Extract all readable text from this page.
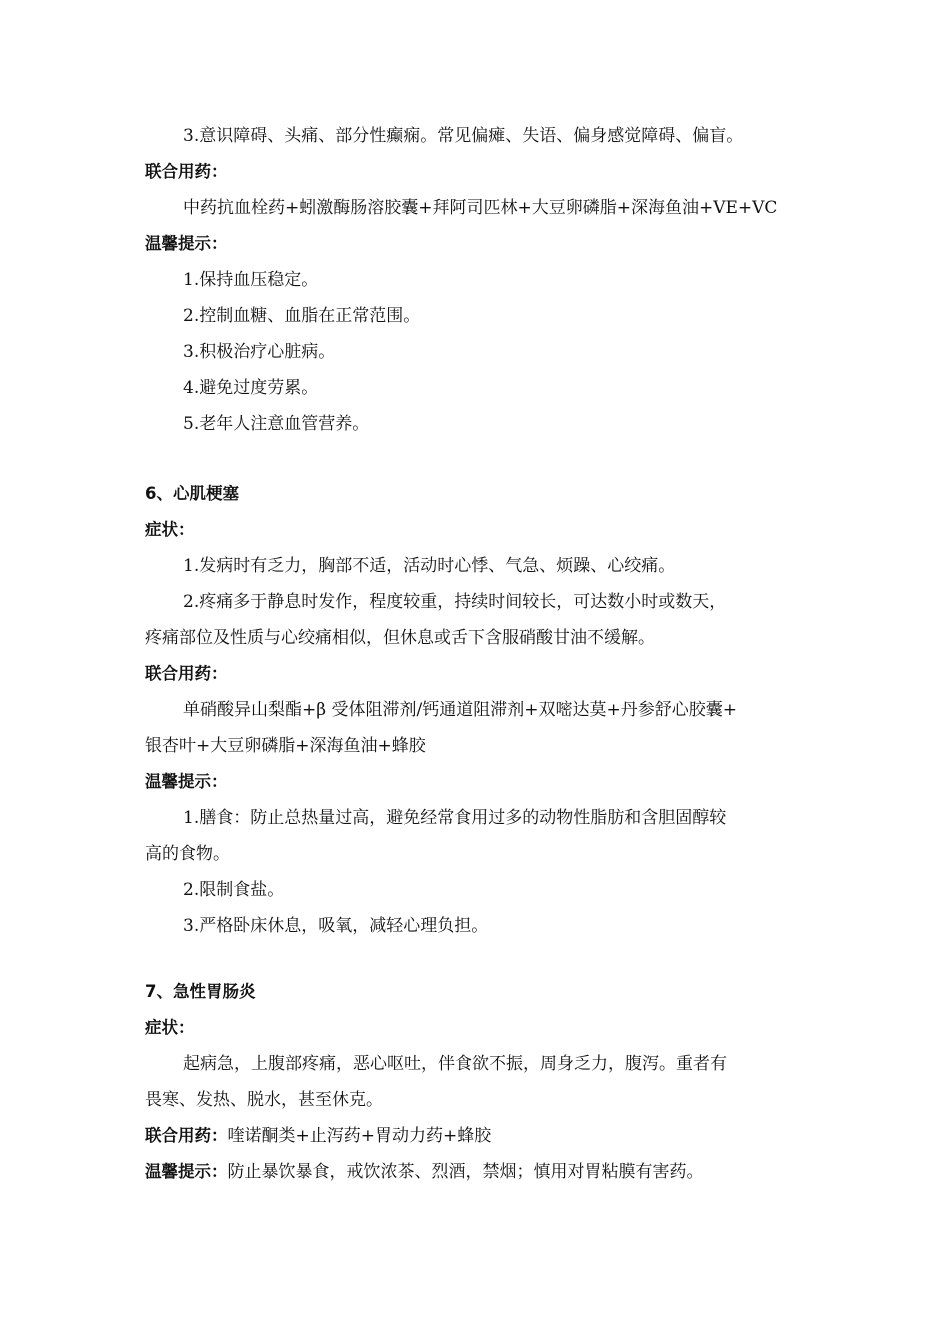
3.意识障碍、头痛、部分性癫痫。常见偏瘫、失语、偏身感觉障碍、偏盲。
联合用药：
中药抗血栓药+蚓激酶肠溶胶囊+拜阿司匹林+大豆卵磷脂+深海鱼油+VE+VC
温馨提示：
1.保持血压稳定。
2.控制血糖、血脂在正常范围。
3.积极治疗心脏病。
4.避免过度劳累。
5.老年人注意血管营养。
6、心肌梗塞
症状：
1.发病时有乏力，胸部不适，活动时心悸、气急、烦躁、心绞痛。
2.疼痛多于静息时发作，程度较重，持续时间较长，可达数小时或数天，
疼痛部位及性质与心绞痛相似，但休息或舌下含服硝酸甘油不缓解。
联合用药：
单硝酸异山梨酯+β 受体阻滞剂/钙通道阻滞剂+双嘧达莫+丹参舒心胶囊+
银杏叶+大豆卵磷脂+深海鱼油+蜂胶
温馨提示：
1.膳食：防止总热量过高，避免经常食用过多的动物性脂肪和含胆固醇较
高的食物。
2.限制食盐。
3.严格卧床休息，吸氧，减轻心理负担。
7、急性胃肠炎
症状：
起病急，上腹部疼痛，恶心呕吐，伴食欲不振，周身乏力，腹泻。重者有
畏寒、发热、脱水，甚至休克。
联合用药：喹诺酮类+止泻药+胃动力药+蜂胶
温馨提示：防止暴饮暴食，戒饮浓茶、烈酒，禁烟；慎用对胃粘膜有害药。
